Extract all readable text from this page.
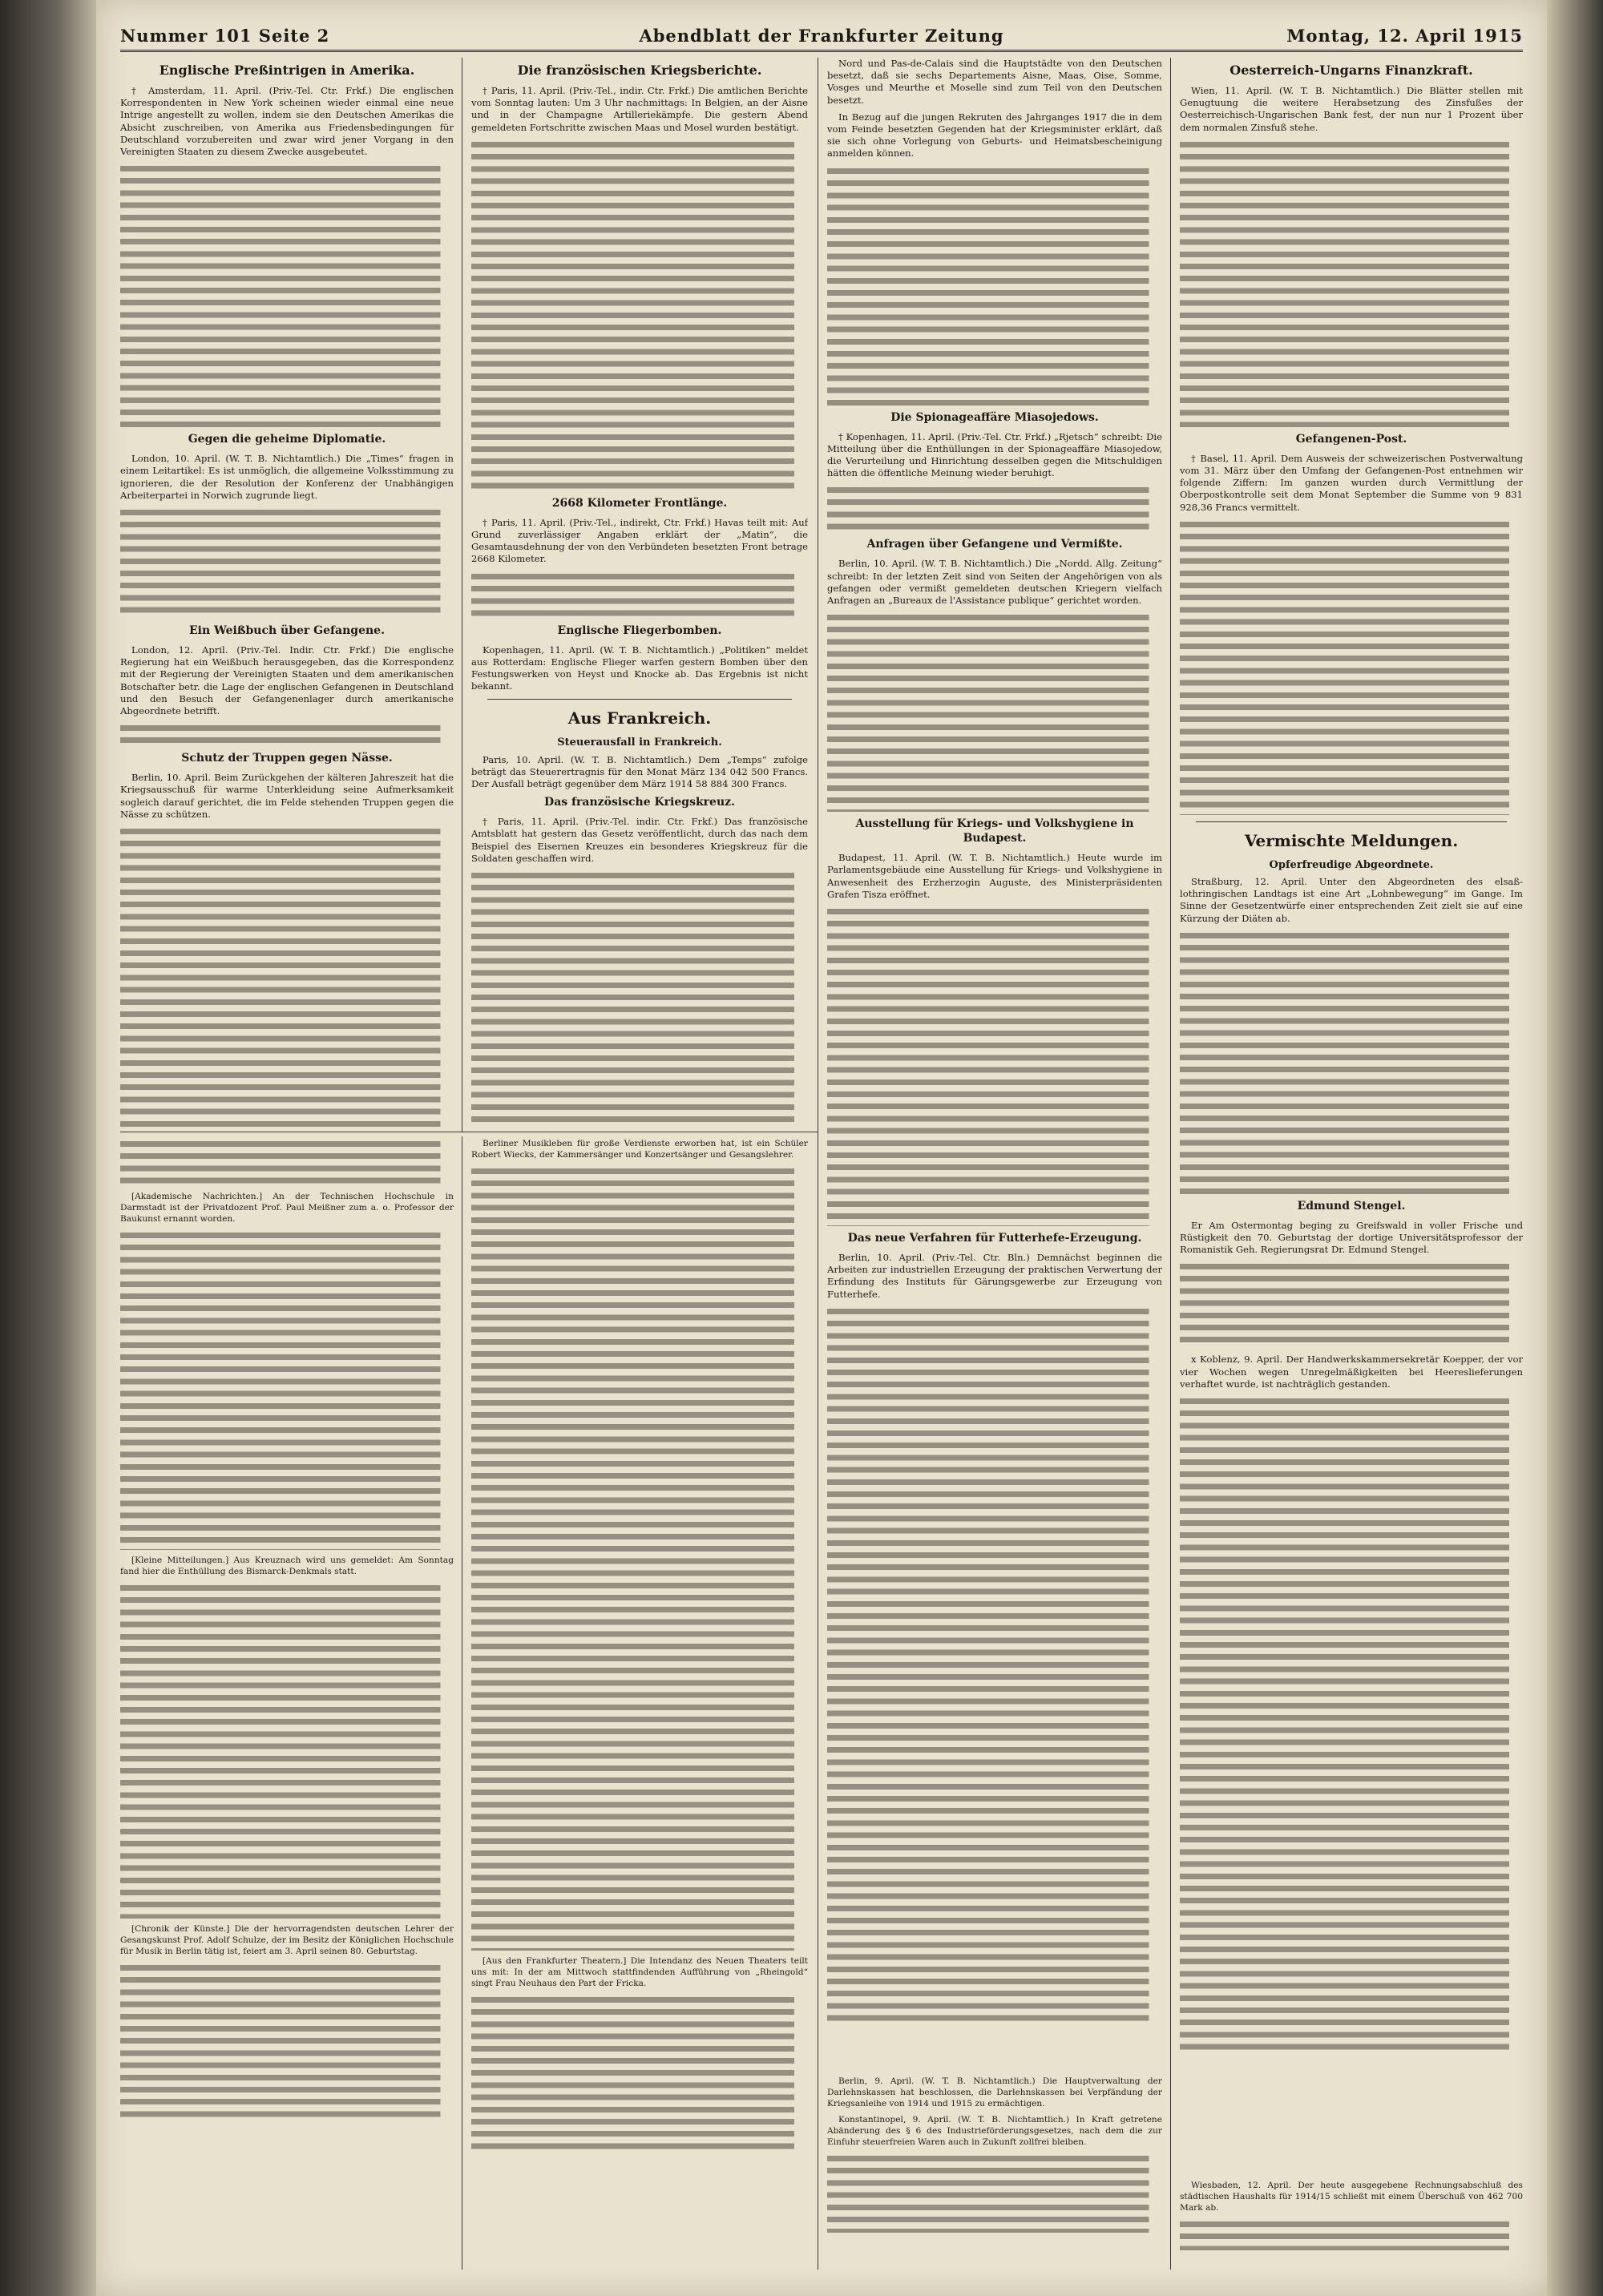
Nummer 101 Seite 2	Abendblatt der Frankfurter Zeitung	Montag, 12. April 1915
Englische Preßintrigen in Amerika.

† Amsterdam, 11. April. (Priv.-Tel. Ctr. Frkf.) Die englischen Korrespondenten in New York scheinen wieder einmal eine neue Intrige angestellt zu wollen, indem sie den Deutschen Amerikas die Absicht zuschreiben, von Amerika aus Friedensbedingungen für Deutschland vorzubereiten und zwar wird jener Vorgang in den Vereinigten Staaten zu diesem Zwecke ausgebeutet.

Gegen die geheime Diplomatie.

London, 10. April. (W. T. B. Nichtamtlich.) Die „Times“ fragen in einem Leitartikel: Es ist unmöglich, die allgemeine Volksstimmung zu ignorieren, die der Resolution der Konferenz der Unabhängigen Arbeiterpartei in Norwich zugrunde liegt.

Ein Weißbuch über Gefangene.

London, 12. April. (Priv.-Tel. Indir. Ctr. Frkf.) Die englische Regierung hat ein Weißbuch herausgegeben, das die Korrespondenz mit der Regierung der Vereinigten Staaten und dem amerikanischen Botschafter betr. die Lage der englischen Gefangenen in Deutschland und den Besuch der Gefangenenlager durch amerikanische Abgeordnete betrifft.

Schutz der Truppen gegen Nässe.

Berlin, 10. April. Beim Zurückgehen der kälteren Jahreszeit hat die Kriegsausschuß für warme Unterkleidung seine Aufmerksamkeit sogleich darauf gerichtet, die im Felde stehenden Truppen gegen die Nässe zu schützen.

Die französischen Kriegsberichte.

† Paris, 11. April. (Priv.-Tel., indir. Ctr. Frkf.) Die amtlichen Berichte vom Sonntag lauten: Um 3 Uhr nachmittags: In Belgien, an der Aisne und in der Champagne Artilleriekämpfe. Die gestern Abend gemeldeten Fortschritte zwischen Maas und Mosel wurden bestätigt.

2668 Kilometer Frontlänge.

† Paris, 11. April. (Priv.-Tel., indirekt, Ctr. Frkf.) Havas teilt mit: Auf Grund zuverlässiger Angaben erklärt der „Matin“, die Gesamtausdehnung der von den Verbündeten besetzten Front betrage 2668 Kilometer.

Englische Fliegerbomben.

Kopenhagen, 11. April. (W. T. B. Nichtamtlich.) „Politiken“ meldet aus Rotterdam: Englische Flieger warfen gestern Bomben über den Festungswerken von Heyst und Knocke ab. Das Ergebnis ist nicht bekannt.

Aus Frankreich.
Steuerausfall in Frankreich.

Paris, 10. April. (W. T. B. Nichtamtlich.) Dem „Temps“ zufolge beträgt das Steuerertragnis für den Monat März 134 042 500 Francs. Der Ausfall beträgt gegenüber dem März 1914 58 884 300 Francs.

Das französische Kriegskreuz.

† Paris, 11. April. (Priv.-Tel. indir. Ctr. Frkf.) Das französische Amtsblatt hat gestern das Gesetz veröffentlicht, durch das nach dem Beispiel des Eisernen Kreuzes ein besonderes Kriegskreuz für die Soldaten geschaffen wird.

Nord und Pas-de-Calais sind die Hauptstädte von den Deutschen besetzt, daß sie sechs Departements Aisne, Maas, Oise, Somme, Vosges und Meurthe et Moselle sind zum Teil von den Deutschen besetzt.

In Bezug auf die jungen Rekruten des Jahrganges 1917 die in dem vom Feinde besetzten Gegenden hat der Kriegsminister erklärt, daß sie sich ohne Vorlegung von Geburts- und Heimatsbescheinigung anmelden können.

Die Spionageaffäre Miasojedows.

† Kopenhagen, 11. April. (Priv.-Tel. Ctr. Frkf.) „Rjetsch“ schreibt: Die Mitteilung über die Enthüllungen in der Spionageaffäre Miasojedow, die Verurteilung und Hinrichtung desselben gegen die Mitschuldigen hätten die öffentliche Meinung wieder beruhigt.

Anfragen über Gefangene und Vermißte.

Berlin, 10. April. (W. T. B. Nichtamtlich.) Die „Nordd. Allg. Zeitung“ schreibt: In der letzten Zeit sind von Seiten der Angehörigen von als gefangen oder vermißt gemeldeten deutschen Kriegern vielfach Anfragen an „Bureaux de l'Assistance publique“ gerichtet worden.

Ausstellung für Kriegs- und Volkshygiene in Budapest.

Budapest, 11. April. (W. T. B. Nichtamtlich.) Heute wurde im Parlamentsgebäude eine Ausstellung für Kriegs- und Volkshygiene in Anwesenheit des Erzherzogin Auguste, des Ministerpräsidenten Grafen Tisza eröffnet.

Das neue Verfahren für Futterhefe-Erzeugung.

Berlin, 10. April. (Priv.-Tel. Ctr. Bln.) Demnächst beginnen die Arbeiten zur industriellen Erzeugung der praktischen Verwertung der Erfindung des Instituts für Gärungsgewerbe zur Erzeugung von Futterhefe.

Oesterreich-Ungarns Finanzkraft.

Wien, 11. April. (W. T. B. Nichtamtlich.) Die Blätter stellen mit Genugtuung die weitere Herabsetzung des Zinsfußes der Oesterreichisch-Ungarischen Bank fest, der nun nur 1 Prozent über dem normalen Zinsfuß stehe.

Gefangenen-Post.

† Basel, 11. April. Dem Ausweis der schweizerischen Postverwaltung vom 31. März über den Umfang der Gefangenen-Post entnehmen wir folgende Ziffern: Im ganzen wurden durch Vermittlung der Oberpostkontrolle seit dem Monat September die Summe von 9 831 928,36 Francs vermittelt.

Vermischte Meldungen.
Opferfreudige Abgeordnete.

Straßburg, 12. April. Unter den Abgeordneten des elsaß-lothringischen Landtags ist eine Art „Lohnbewegung“ im Gange. Im Sinne der Gesetzentwürfe einer entsprechenden Zeit zielt sie auf eine Kürzung der Diäten ab.

Edmund Stengel.

Er Am Ostermontag beging zu Greifswald in voller Frische und Rüstigkeit den 70. Geburtstag der dortige Universitätsprofessor der Romanistik Geh. Regierungsrat Dr. Edmund Stengel.

x Koblenz, 9. April. Der Handwerkskammersekretär Koepper, der vor vier Wochen wegen Unregelmäßigkeiten bei Heereslieferungen verhaftet wurde, ist nachträglich gestanden.

[Akademische Nachrichten.] An der Technischen Hochschule in Darmstadt ist der Privatdozent Prof. Paul Meißner zum a. o. Professor der Baukunst ernannt worden.

[Kleine Mitteilungen.] Aus Kreuznach wird uns gemeldet: Am Sonntag fand hier die Enthüllung des Bismarck-Denkmals statt.

[Chronik der Künste.] Die der hervorragendsten deutschen Lehrer der Gesangskunst Prof. Adolf Schulze, der im Besitz der Königlichen Hochschule für Musik in Berlin tätig ist, feiert am 3. April seinen 80. Geburtstag.

Berliner Musikleben für große Verdienste erworben hat, ist ein Schüler Robert Wiecks, der Kammersänger und Konzertsänger und Gesangslehrer.

[Aus den Frankfurter Theatern.] Die Intendanz des Neuen Theaters teilt uns mit: In der am Mittwoch stattfindenden Aufführung von „Rheingold“ singt Frau Neuhaus den Part der Fricka.

Berlin, 9. April. (W. T. B. Nichtamtlich.) Die Hauptverwaltung der Darlehnskassen hat beschlossen, die Darlehnskassen bei Verpfändung der Kriegsanleihe von 1914 und 1915 zu ermächtigen.

Konstantinopel, 9. April. (W. T. B. Nichtamtlich.) In Kraft getretene Abänderung des § 6 des Industrieförderungsgesetzes, nach dem die zur Einfuhr steuerfreien Waren auch in Zukunft zollfrei bleiben.

Wiesbaden, 12. April. Der heute ausgegebene Rechnungsabschluß des städtischen Haushalts für 1914/15 schließt mit einem Überschuß von 462 700 Mark ab.
